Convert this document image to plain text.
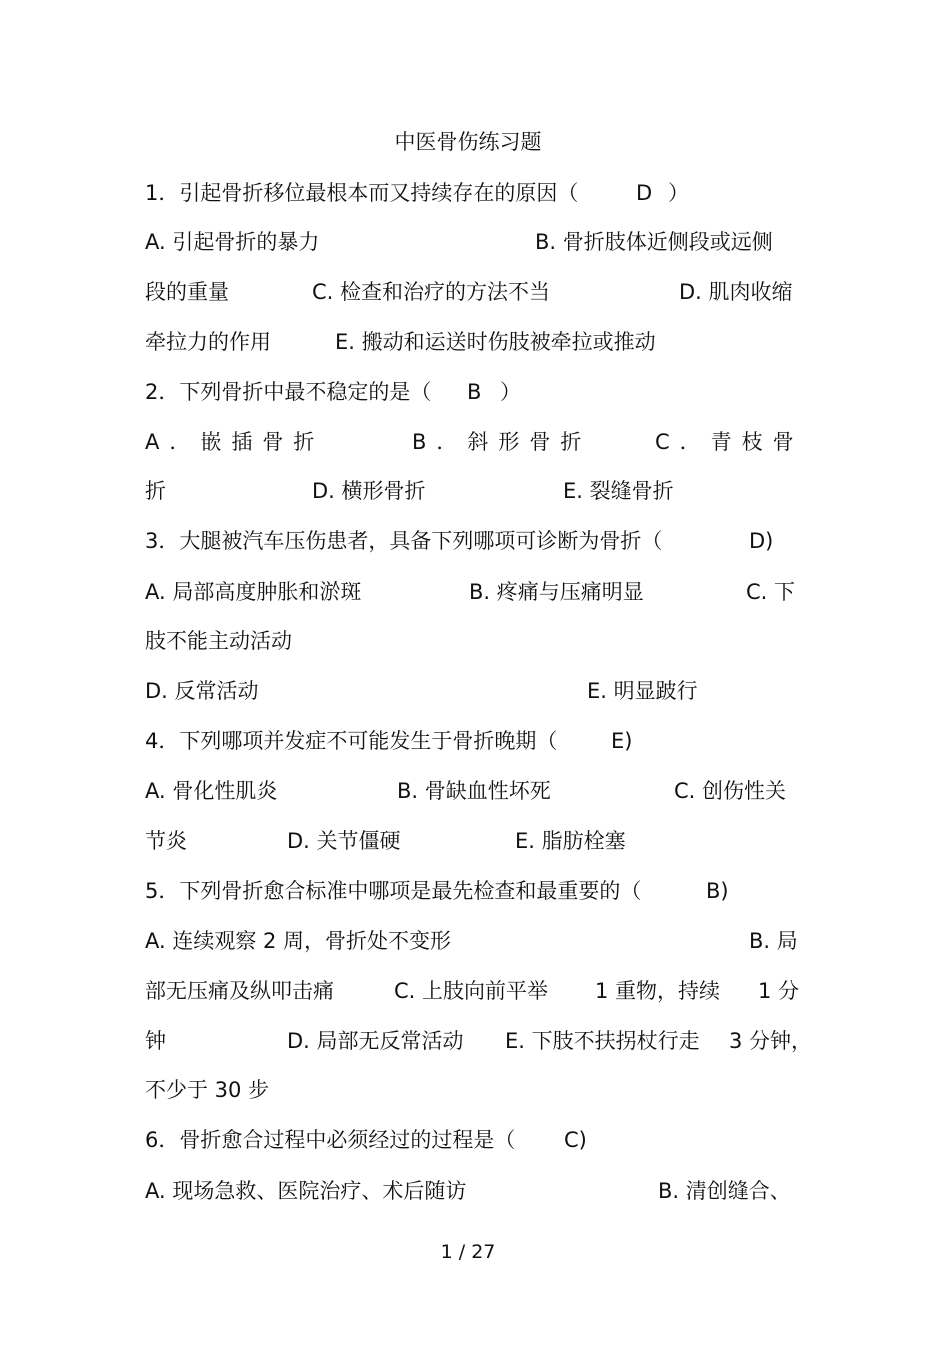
中医骨伤练习题
1．引起骨折移位最根本而又持续存在的原因（	D ）
A. 引起骨折的暴力	B. 骨折肢体近侧段或远侧
段的重量	C. 检查和治疗的方法不当	D. 肌肉收缩
牵拉力的作用	E. 搬动和运送时伤肢被牵拉或推动
2．下列骨折中最不稳定的是（ B ）
A．嵌插骨折	B．斜形骨折	C．青枝骨
折	D. 横形骨折	E. 裂缝骨折
3．大腿被汽车压伤患者，具备下列哪项可诊断为骨折（	D)
A. 局部高度肿胀和淤斑	B. 疼痛与压痛明显	C. 下
肢不能主动活动
D. 反常活动	E. 明显跛行
4．下列哪项并发症不可能发生于骨折晚期（	E)
A. 骨化性肌炎	B. 骨缺血性坏死	C. 创伤性关
节炎	D. 关节僵硬	E. 脂肪栓塞
5．下列骨折愈合标准中哪项是最先检查和最重要的（	B)
A. 连续观察 2 周，骨折处不变形	B. 局
部无压痛及纵叩击痛	C. 上肢向前平举 1 重物，持续 1 分
钟	D. 局部无反常活动 E. 下肢不扶拐杖行走 3 分钟，
不少于 30 步
6．骨折愈合过程中必须经过的过程是（ C)
A. 现场急救、医院治疗、术后随访	B. 清创缝合、
1 / 27
